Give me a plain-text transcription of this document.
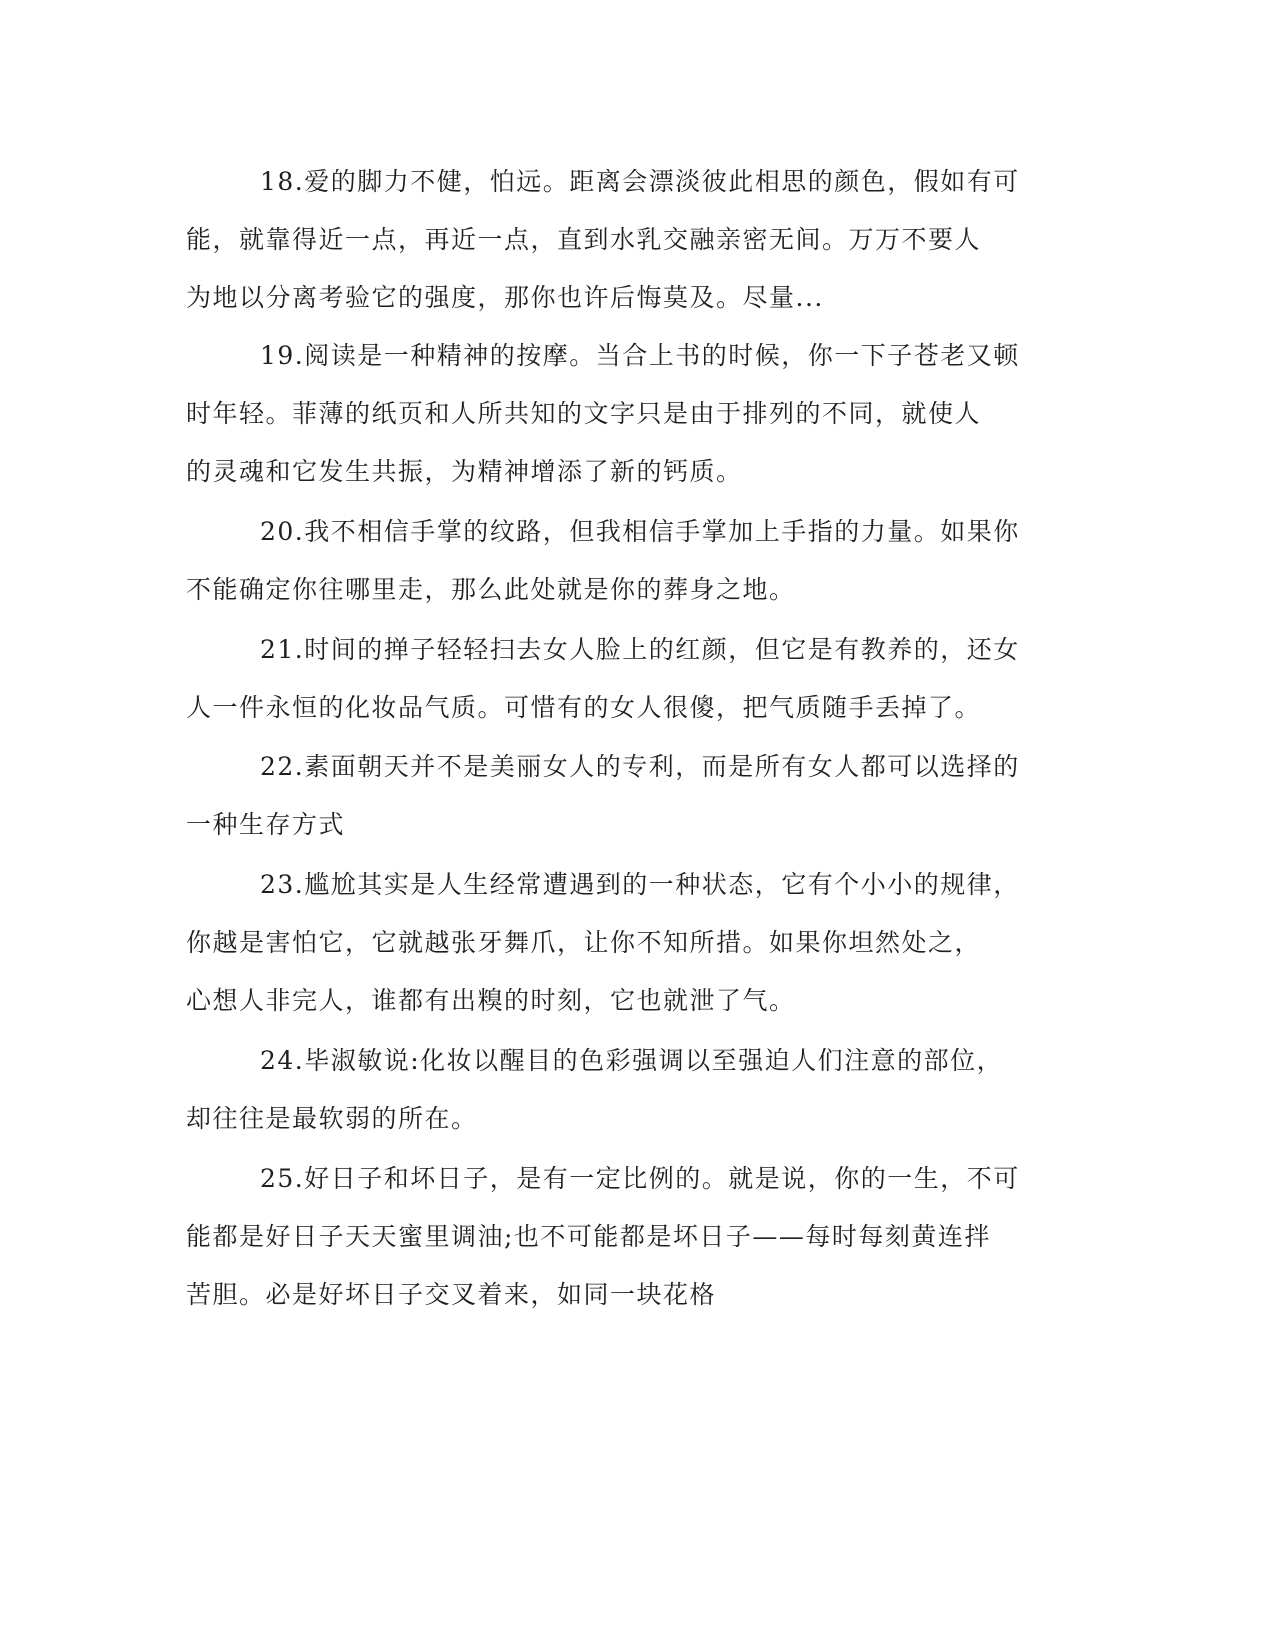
18.爱的脚力不健，怕远。距离会漂淡彼此相思的颜色，假如有可
能，就靠得近一点，再近一点，直到水乳交融亲密无间。万万不要人
为地以分离考验它的强度，那你也许后悔莫及。尽量...
19.阅读是一种精神的按摩。当合上书的时候，你一下子苍老又顿
时年轻。菲薄的纸页和人所共知的文字只是由于排列的不同，就使人
的灵魂和它发生共振，为精神增添了新的钙质。
20.我不相信手掌的纹路，但我相信手掌加上手指的力量。如果你
不能确定你往哪里走，那么此处就是你的葬身之地。
21.时间的掸子轻轻扫去女人脸上的红颜，但它是有教养的，还女
人一件永恒的化妆品气质。可惜有的女人很傻，把气质随手丢掉了。
22.素面朝天并不是美丽女人的专利，而是所有女人都可以选择的
一种生存方式
23.尴尬其实是人生经常遭遇到的一种状态，它有个小小的规律，
你越是害怕它，它就越张牙舞爪，让你不知所措。如果你坦然处之，
心想人非完人，谁都有出糗的时刻，它也就泄了气。
24.毕淑敏说:化妆以醒目的色彩强调以至强迫人们注意的部位，
却往往是最软弱的所在。
25.好日子和坏日子，是有一定比例的。就是说，你的一生，不可
能都是好日子天天蜜里调油;也不可能都是坏日子——每时每刻黄连拌
苦胆。必是好坏日子交叉着来，如同一块花格
